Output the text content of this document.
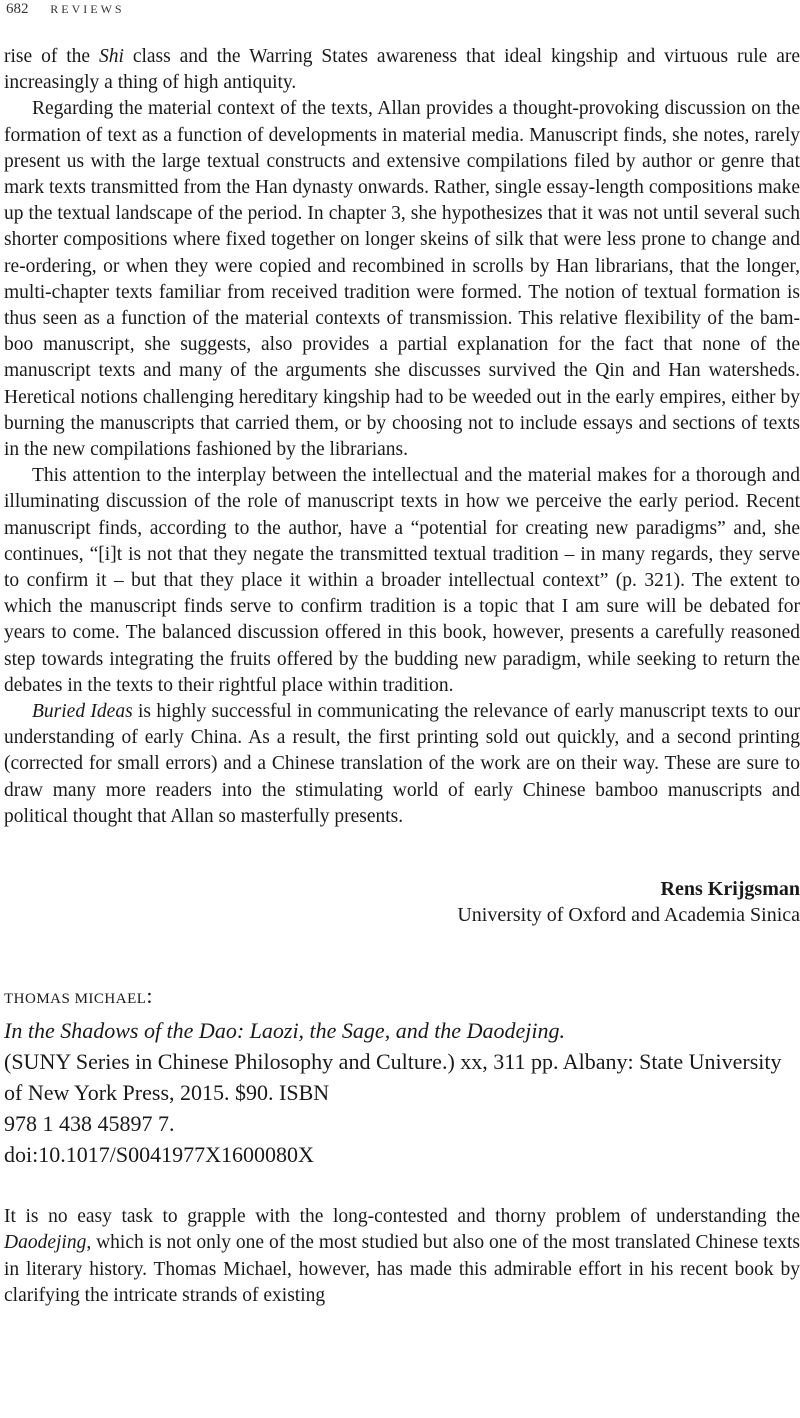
682 REVIEWS

rise of the Shi class and the Warring States awareness that ideal kingship and virtuous rule are increasingly a thing of high antiquity.

Regarding the material context of the texts, Allan provides a thought-provoking discussion on the formation of text as a function of developments in material media. Manuscript finds, she notes, rarely present us with the large textual constructs and extensive compilations filed by author or genre that mark texts transmitted from the Han dynasty onwards. Rather, single essay-length compositions make up the textual landscape of the period. In chapter 3, she hypothesizes that it was not until several such shorter compositions where fixed together on longer skeins of silk that were less prone to change and re-ordering, or when they were copied and recombined in scrolls by Han librarians, that the longer, multi-chapter texts familiar from received tradition were formed. The notion of textual formation is thus seen as a function of the material contexts of transmission. This relative flexibility of the bamboo manuscript, she suggests, also provides a partial explanation for the fact that none of the manuscript texts and many of the arguments she discusses survived the Qin and Han watersheds. Heretical notions challenging hereditary kingship had to be weeded out in the early empires, either by burning the manuscripts that carried them, or by choosing not to include essays and sections of texts in the new compilations fashioned by the librarians.

This attention to the interplay between the intellectual and the material makes for a thorough and illuminating discussion of the role of manuscript texts in how we perceive the early period. Recent manuscript finds, according to the author, have a “potential for creating new paradigms” and, she continues, “[i]t is not that they negate the transmitted textual tradition – in many regards, they serve to confirm it – but that they place it within a broader intellectual context” (p. 321). The extent to which the manuscript finds serve to confirm tradition is a topic that I am sure will be debated for years to come. The balanced discussion offered in this book, however, presents a carefully reasoned step towards integrating the fruits offered by the budding new paradigm, while seeking to return the debates in the texts to their rightful place within tradition.

Buried Ideas is highly successful in communicating the relevance of early manuscript texts to our understanding of early China. As a result, the first printing sold out quickly, and a second printing (corrected for small errors) and a Chinese translation of the work are on their way. These are sure to draw many more readers into the stimulating world of early Chinese bamboo manuscripts and political thought that Allan so masterfully presents.

Rens Krijgsman
University of Oxford and Academia Sinica
THOMAS MICHAEL:
In the Shadows of the Dao: Laozi, the Sage, and the Daodejing.
(SUNY Series in Chinese Philosophy and Culture.) xx, 311 pp. Albany: State University of New York Press, 2015. $90. ISBN
978 1 438 45897 7.
doi:10.1017/S0041977X1600080X

It is no easy task to grapple with the long-contested and thorny problem of understanding the Daodejing, which is not only one of the most studied but also one of the most translated Chinese texts in literary history. Thomas Michael, however, has made this admirable effort in his recent book by clarifying the intricate strands of existing
